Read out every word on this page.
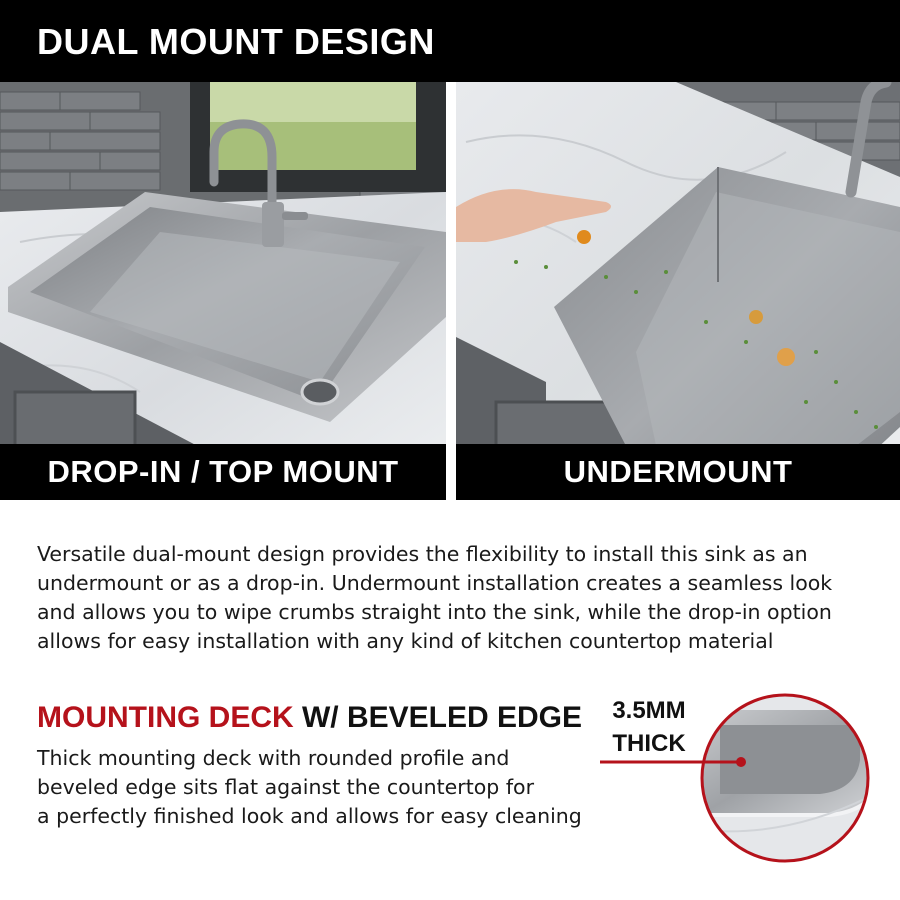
DUAL MOUNT DESIGN
DROP-IN / TOP MOUNT	UNDERMOUNT
Versatile dual-mount design provides the flexibility to install this sink as an
undermount or as a drop-in. Undermount installation creates a seamless look
and allows you to wipe crumbs straight into the sink, while the drop-in option
allows for easy installation with any kind of kitchen countertop material
MOUNTING DECK W/ BEVELED EDGE
Thick mounting deck with rounded profile and
beveled edge sits flat against the countertop for
a perfectly finished look and allows for easy cleaning
3.5MM
THICK
